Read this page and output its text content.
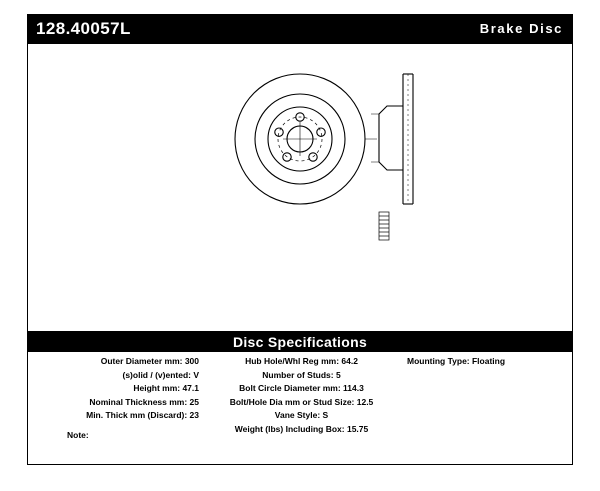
128.40057L	Brake Disc
Disc Specifications
Outer Diameter mm: 300
(s)olid / (v)ented: V
Height mm: 47.1
Nominal Thickness mm: 25
Min. Thick mm (Discard): 23
Hub Hole/Whl Reg mm: 64.2
Number of Studs: 5
Bolt Circle Diameter mm: 114.3
Bolt/Hole Dia mm or Stud Size: 12.5
Vane Style: S
Weight (lbs) Including Box: 15.75
Mounting Type: Floating
Note:
